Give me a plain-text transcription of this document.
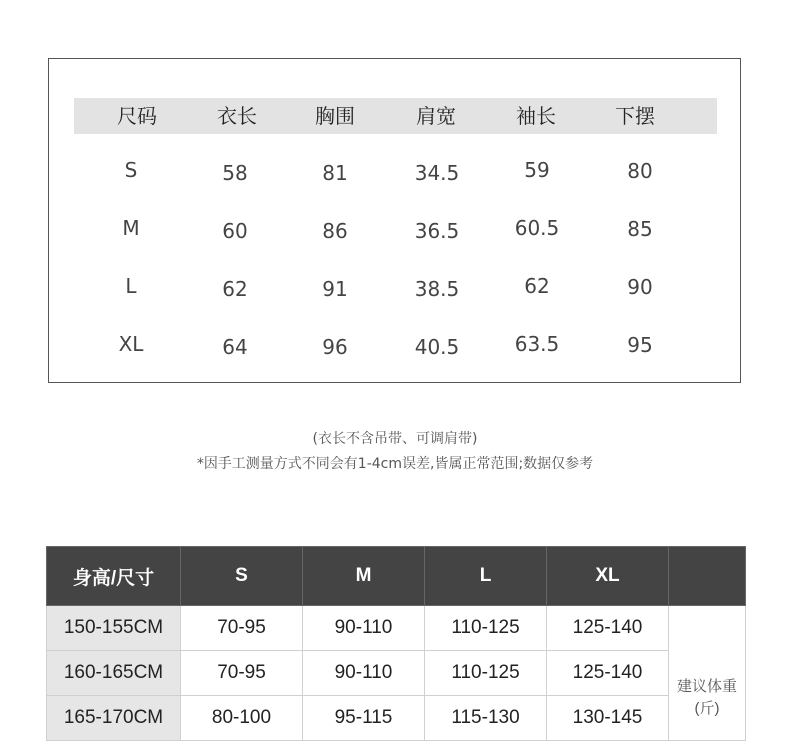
尺码	衣长	胸围	肩宽	袖长	下摆
S	58	81	34.5	59	80
M	60	86	36.5	60.5	85
L	62	91	38.5	62	90
XL	64	96	40.5	63.5	95
(衣长不含吊带、可调肩带)
*因手工测量方式不同会有1-4cm误差,皆属正常范围;数据仅参考
身高/尺寸	S	M	L	XL	
150-155CM	70-95	90-110	110-125	125-140	建议体重
(斤)

160-165CM	70-95	90-110	110-125	125-140	
165-170CM	80-100	95-115	115-130	130-145	
